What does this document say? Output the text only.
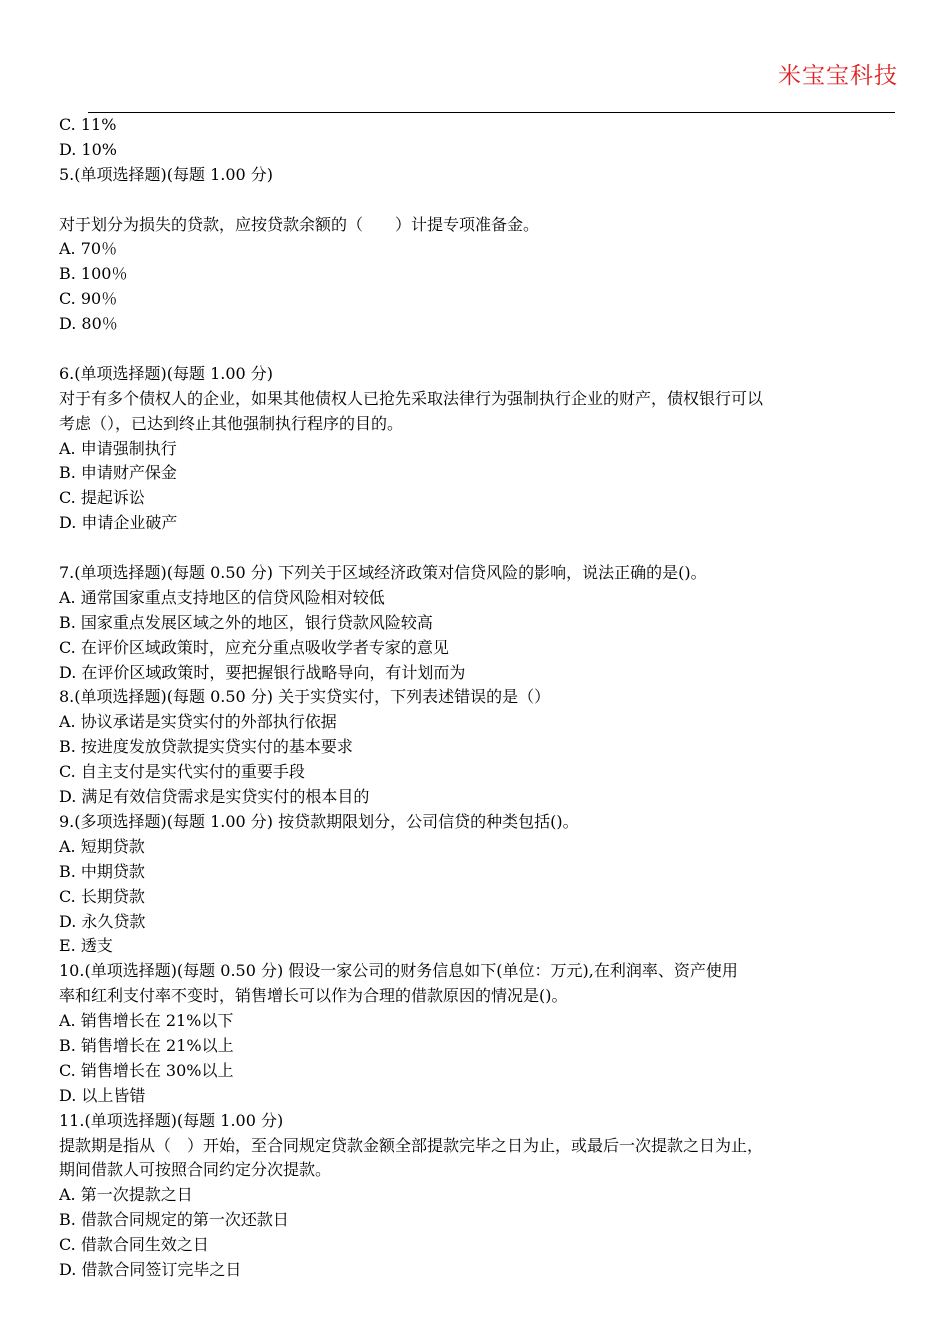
米宝宝科技
C. 11%
D. 10%
5.(单项选择题)(每题 1.00 分)
对于划分为损失的贷款，应按贷款余额的（　　）计提专项准备金。
A. 70％
B. 100％
C. 90％
D. 80％
6.(单项选择题)(每题 1.00 分)
对于有多个债权人的企业，如果其他债权人已抢先采取法律行为强制执行企业的财产，债权银行可以
考虑（），已达到终止其他强制执行程序的目的。
A. 申请强制执行
B. 申请财产保金
C. 提起诉讼
D. 申请企业破产
7.(单项选择题)(每题 0.50 分) 下列关于区域经济政策对信贷风险的影响，说法正确的是()。
A. 通常国家重点支持地区的信贷风险相对较低
B. 国家重点发展区域之外的地区，银行贷款风险较高
C. 在评价区域政策时，应充分重点吸收学者专家的意见
D. 在评价区域政策时，要把握银行战略导向，有计划而为
8.(单项选择题)(每题 0.50 分) 关于实贷实付，下列表述错误的是（）
A. 协议承诺是实贷实付的外部执行依据
B. 按进度发放贷款提实贷实付的基本要求
C. 自主支付是实代实付的重要手段
D. 满足有效信贷需求是实贷实付的根本目的
9.(多项选择题)(每题 1.00 分) 按贷款期限划分，公司信贷的种类包括()。
A. 短期贷款
B. 中期贷款
C. 长期贷款
D. 永久贷款
E. 透支
10.(单项选择题)(每题 0.50 分) 假设一家公司的财务信息如下(单位：万元),在利润率、资产使用
率和红利支付率不变时，销售增长可以作为合理的借款原因的情况是()。
A. 销售增长在 21%以下
B. 销售增长在 21%以上
C. 销售增长在 30%以上
D. 以上皆错
11.(单项选择题)(每题 1.00 分)
提款期是指从（　）开始，至合同规定贷款金额全部提款完毕之日为止，或最后一次提款之日为止，
期间借款人可按照合同约定分次提款。
A. 第一次提款之日
B. 借款合同规定的第一次还款日
C. 借款合同生效之日
D. 借款合同签订完毕之日
